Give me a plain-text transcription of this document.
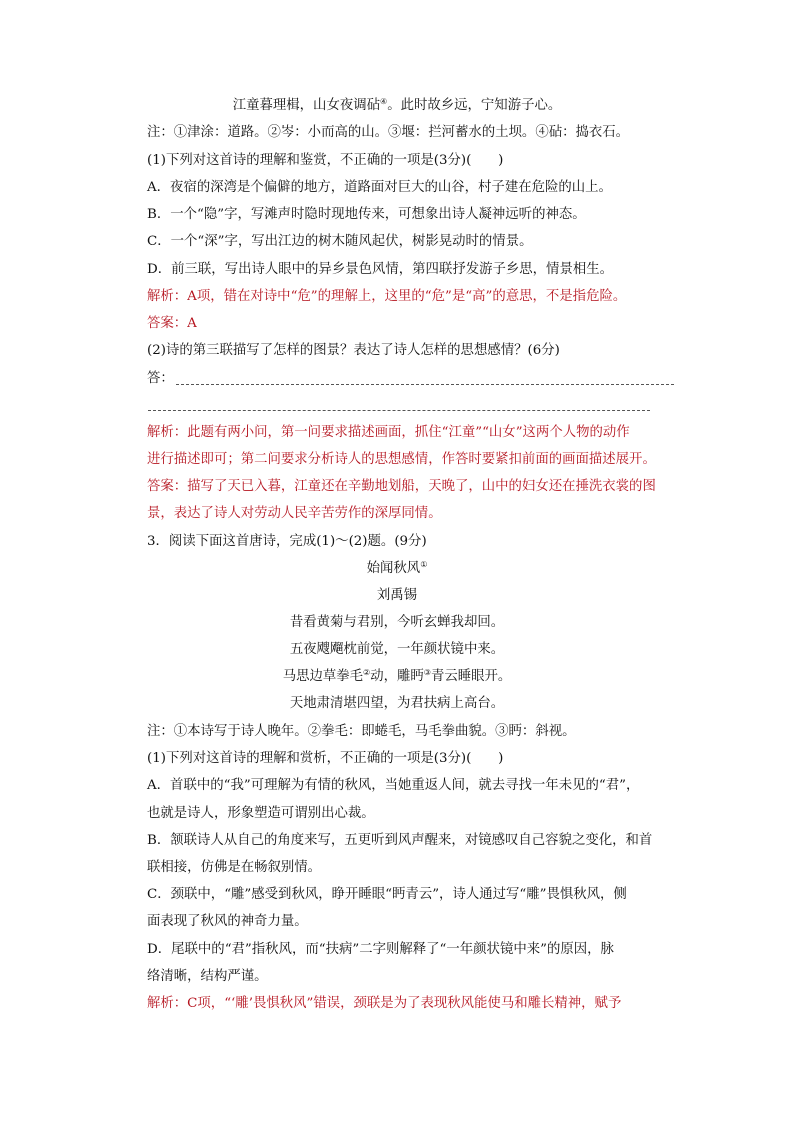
江童暮理楫，山女夜调砧④。此时故乡远，宁知游子心。
注：①津涂：道路。②岑：小而高的山。③堰：拦河蓄水的土坝。④砧：捣衣石。
(1)下列对这首诗的理解和鉴赏，不正确的一项是(3分)(　　)
A．夜宿的深湾是个偏僻的地方，道路面对巨大的山谷，村子建在危险的山上。
B．一个“隐”字，写滩声时隐时现地传来，可想象出诗人凝神远听的神态。
C．一个“深”字，写出江边的树木随风起伏，树影晃动时的情景。
D．前三联，写出诗人眼中的异乡景色风情，第四联抒发游子乡思，情景相生。
解析：A项，错在对诗中“危”的理解上，这里的“危”是“高”的意思，不是指危险。
答案：A
(2)诗的第三联描写了怎样的图景？表达了诗人怎样的思想感情？(6分)
答：
解析：此题有两小问，第一问要求描述画面，抓住“江童”“山女”这两个人物的动作
进行描述即可；第二问要求分析诗人的思想感情，作答时要紧扣前面的画面描述展开。
答案：描写了天已入暮，江童还在辛勤地划船，天晚了，山中的妇女还在捶洗衣裳的图
景，表达了诗人对劳动人民辛苦劳作的深厚同情。
3．阅读下面这首唐诗，完成(1)～(2)题。(9分)
始闻秋风①
刘禹锡
昔看黄菊与君别，今听玄蝉我却回。
五夜飕飗枕前觉，一年颜状镜中来。
马思边草拳毛②动，雕眄③青云睡眼开。
天地肃清堪四望，为君扶病上高台。
注：①本诗写于诗人晚年。②拳毛：即蜷毛，马毛拳曲貌。③眄：斜视。
(1)下列对这首诗的理解和赏析，不正确的一项是(3分)(　　)
A．首联中的“我”可理解为有情的秋风，当她重返人间，就去寻找一年未见的“君”，
也就是诗人，形象塑造可谓别出心裁。
B．颔联诗人从自己的角度来写，五更听到风声醒来，对镜感叹自己容貌之变化，和首
联相接，仿佛是在畅叙别情。
C．颈联中，“雕”感受到秋风，睁开睡眼“眄青云”，诗人通过写“雕”畏惧秋风，侧
面表现了秋风的神奇力量。
D．尾联中的“君”指秋风，而“扶病”二字则解释了“一年颜状镜中来”的原因，脉
络清晰，结构严谨。
解析：C项，“‘雕’畏惧秋风”错误，颈联是为了表现秋风能使马和雕长精神，赋予
